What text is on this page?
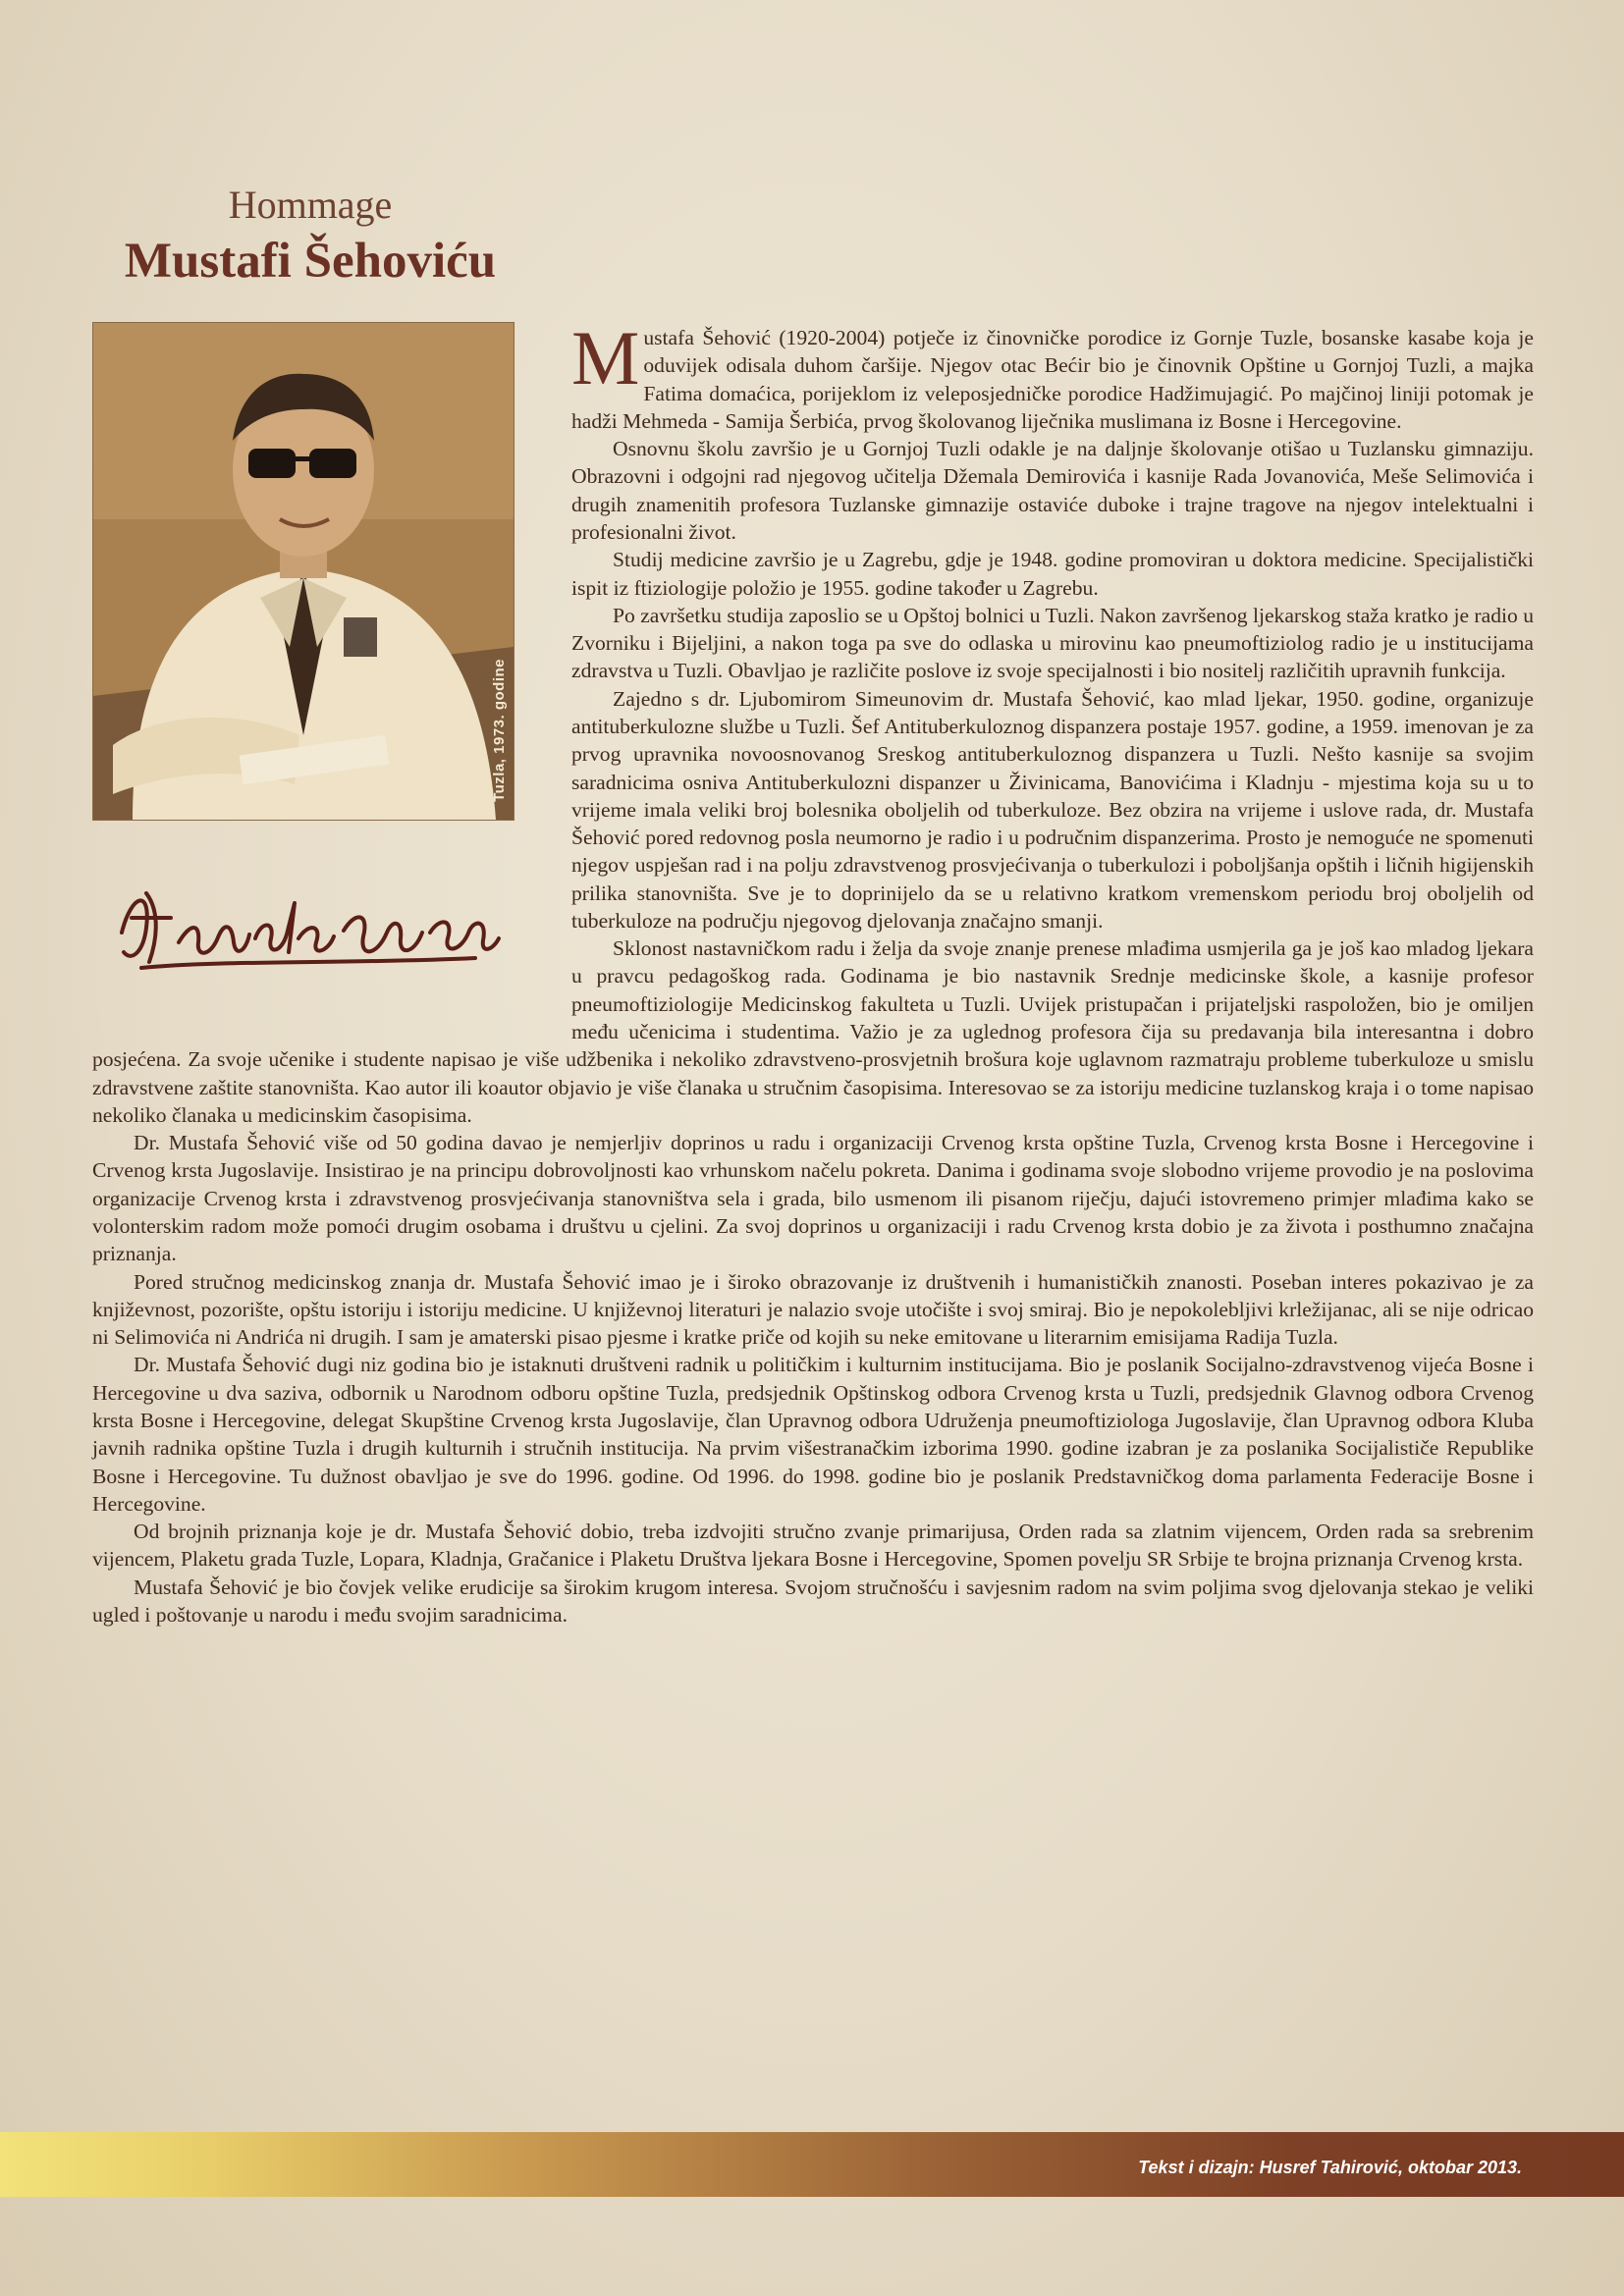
Hommage
Mustafi Šehoviću
Tuzla, 1973. godine

Mustafa Šehović (1920-2004) potječe iz činovničke porodice iz Gornje Tuzle, bosanske kasabe koja je oduvijek odisala duhom čaršije. Njegov otac Bećir bio je činovnik Opštine u Gornjoj Tuzli, a majka Fatima domaćica, porijeklom iz veleposjedničke porodice Hadžimujagić. Po majčinoj liniji potomak je hadži Mehmeda - Samija Šerbića, prvog školovanog liječnika muslimana iz Bosne i Hercegovine.

Osnovnu školu završio je u Gornjoj Tuzli odakle je na daljnje školovanje otišao u Tuzlansku gimnaziju. Obrazovni i odgojni rad njegovog učitelja Džemala Demirovića i kasnije Rada Jovanovića, Meše Selimovića i drugih znamenitih profesora Tuzlanske gimnazije ostaviće duboke i trajne tragove na njegov intelektualni i profesionalni život.

Studij medicine završio je u Zagrebu, gdje je 1948. godine promoviran u doktora medicine. Specijalistički ispit iz ftiziologije položio je 1955. godine također u Zagrebu.

Po završetku studija zaposlio se u Opštoj bolnici u Tuzli. Nakon završenog ljekarskog staža kratko je radio u Zvorniku i Bijeljini, a nakon toga pa sve do odlaska u mirovinu kao pneumoftiziolog radio je u institucijama zdravstva u Tuzli. Obavljao je različite poslove iz svoje specijalnosti i bio nositelj različitih upravnih funkcija.

Zajedno s dr. Ljubomirom Simeunovim dr. Mustafa Šehović, kao mlad ljekar, 1950. godine, organizuje antituberkulozne službe u Tuzli. Šef Antituberkuloznog dispanzera postaje 1957. godine, a 1959. imenovan je za prvog upravnika novoosnovanog Sreskog antituberkuloznog dispanzera u Tuzli. Nešto kasnije sa svojim saradnicima osniva Antituberkulozni dispanzer u Živinicama, Banovićima i Kladnju - mjestima koja su u to vrijeme imala veliki broj bolesnika oboljelih od tuberkuloze. Bez obzira na vrijeme i uslove rada, dr. Mustafa Šehović pored redovnog posla neumorno je radio i u područnim dispanzerima. Prosto je nemoguće ne spomenuti njegov uspješan rad i na polju zdravstvenog prosvjećivanja o tuberkulozi i poboljšanja opštih i ličnih higijenskih prilika stanovništa. Sve je to doprinijelo da se u relativno kratkom vremenskom periodu broj oboljelih od tuberkuloze na području njegovog djelovanja značajno smanji.

Sklonost nastavničkom radu i želja da svoje znanje prenese mlađima usmjerila ga je još kao mladog ljekara u pravcu pedagoškog rada. Godinama je bio nastavnik Srednje medicinske škole, a kasnije profesor pneumoftiziologije Medicinskog fakulteta u Tuzli. Uvijek pristupačan i prijateljski raspoložen, bio je omiljen među učenicima i studentima. Važio je za uglednog profesora čija su predavanja bila interesantna i dobro posjećena. Za svoje učenike i studente napisao je više udžbenika i nekoliko zdravstveno-prosvjetnih brošura koje uglavnom razmatraju probleme tuberkuloze u smislu zdravstvene zaštite stanovništa. Kao autor ili koautor objavio je više članaka u stručnim časopisima. Interesovao se za istoriju medicine tuzlanskog kraja i o tome napisao nekoliko članaka u medicinskim časopisima.

Dr. Mustafa Šehović više od 50 godina davao je nemjerljiv doprinos u radu i organizaciji Crvenog krsta opštine Tuzla, Crvenog krsta Bosne i Hercegovine i Crvenog krsta Jugoslavije. Insistirao je na principu dobrovoljnosti kao vrhunskom načelu pokreta. Danima i godinama svoje slobodno vrijeme provodio je na poslovima organizacije Crvenog krsta i zdravstvenog prosvjećivanja stanovništva sela i grada, bilo usmenom ili pisanom riječju, dajući istovremeno primjer mlađima kako se volonterskim radom može pomoći drugim osobama i društvu u cjelini. Za svoj doprinos u organizaciji i radu Crvenog krsta dobio je za života i posthumno značajna priznanja.

Pored stručnog medicinskog znanja dr. Mustafa Šehović imao je i široko obrazovanje iz društvenih i humanističkih znanosti. Poseban interes pokazivao je za književnost, pozorište, opštu istoriju i istoriju medicine. U književnoj literaturi je nalazio svoje utočište i svoj smiraj. Bio je nepokolebljivi krležijanac, ali se nije odricao ni Selimovića ni Andrića ni drugih. I sam je amaterski pisao pjesme i kratke priče od kojih su neke emitovane u literarnim emisijama Radija Tuzla.

Dr. Mustafa Šehović dugi niz godina bio je istaknuti društveni radnik u političkim i kulturnim institucijama. Bio je poslanik Socijalno-zdravstvenog vijeća Bosne i Hercegovine u dva saziva, odbornik u Narodnom odboru opštine Tuzla, predsjednik Opštinskog odbora Crvenog krsta u Tuzli, predsjednik Glavnog odbora Crvenog krsta Bosne i Hercegovine, delegat Skupštine Crvenog krsta Jugoslavije, član Upravnog odbora Udruženja pneumoftiziologa Jugoslavije, član Upravnog odbora Kluba javnih radnika opštine Tuzla i drugih kulturnih i stručnih institucija. Na prvim višestranačkim izborima 1990. godine izabran je za poslanika Socijalističe Republike Bosne i Hercegovine. Tu dužnost obavljao je sve do 1996. godine. Od 1996. do 1998. godine bio je poslanik Predstavničkog doma parlamenta Federacije Bosne i Hercegovine.

Od brojnih priznanja koje je dr. Mustafa Šehović dobio, treba izdvojiti stručno zvanje primarijusa, Orden rada sa zlatnim vijencem, Orden rada sa srebrenim vijencem, Plaketu grada Tuzle, Lopara, Kladnja, Gračanice i Plaketu Društva ljekara Bosne i Hercegovine, Spomen povelju SR Srbije te brojna priznanja Crvenog krsta.

Mustafa Šehović je bio čovjek velike erudicije sa širokim krugom interesa. Svojom stručnošću i savjesnim radom na svim poljima svog djelovanja stekao je veliki ugled i poštovanje u narodu i među svojim saradnicima.

Tekst i dizajn: Husref Tahirović, oktobar 2013.
